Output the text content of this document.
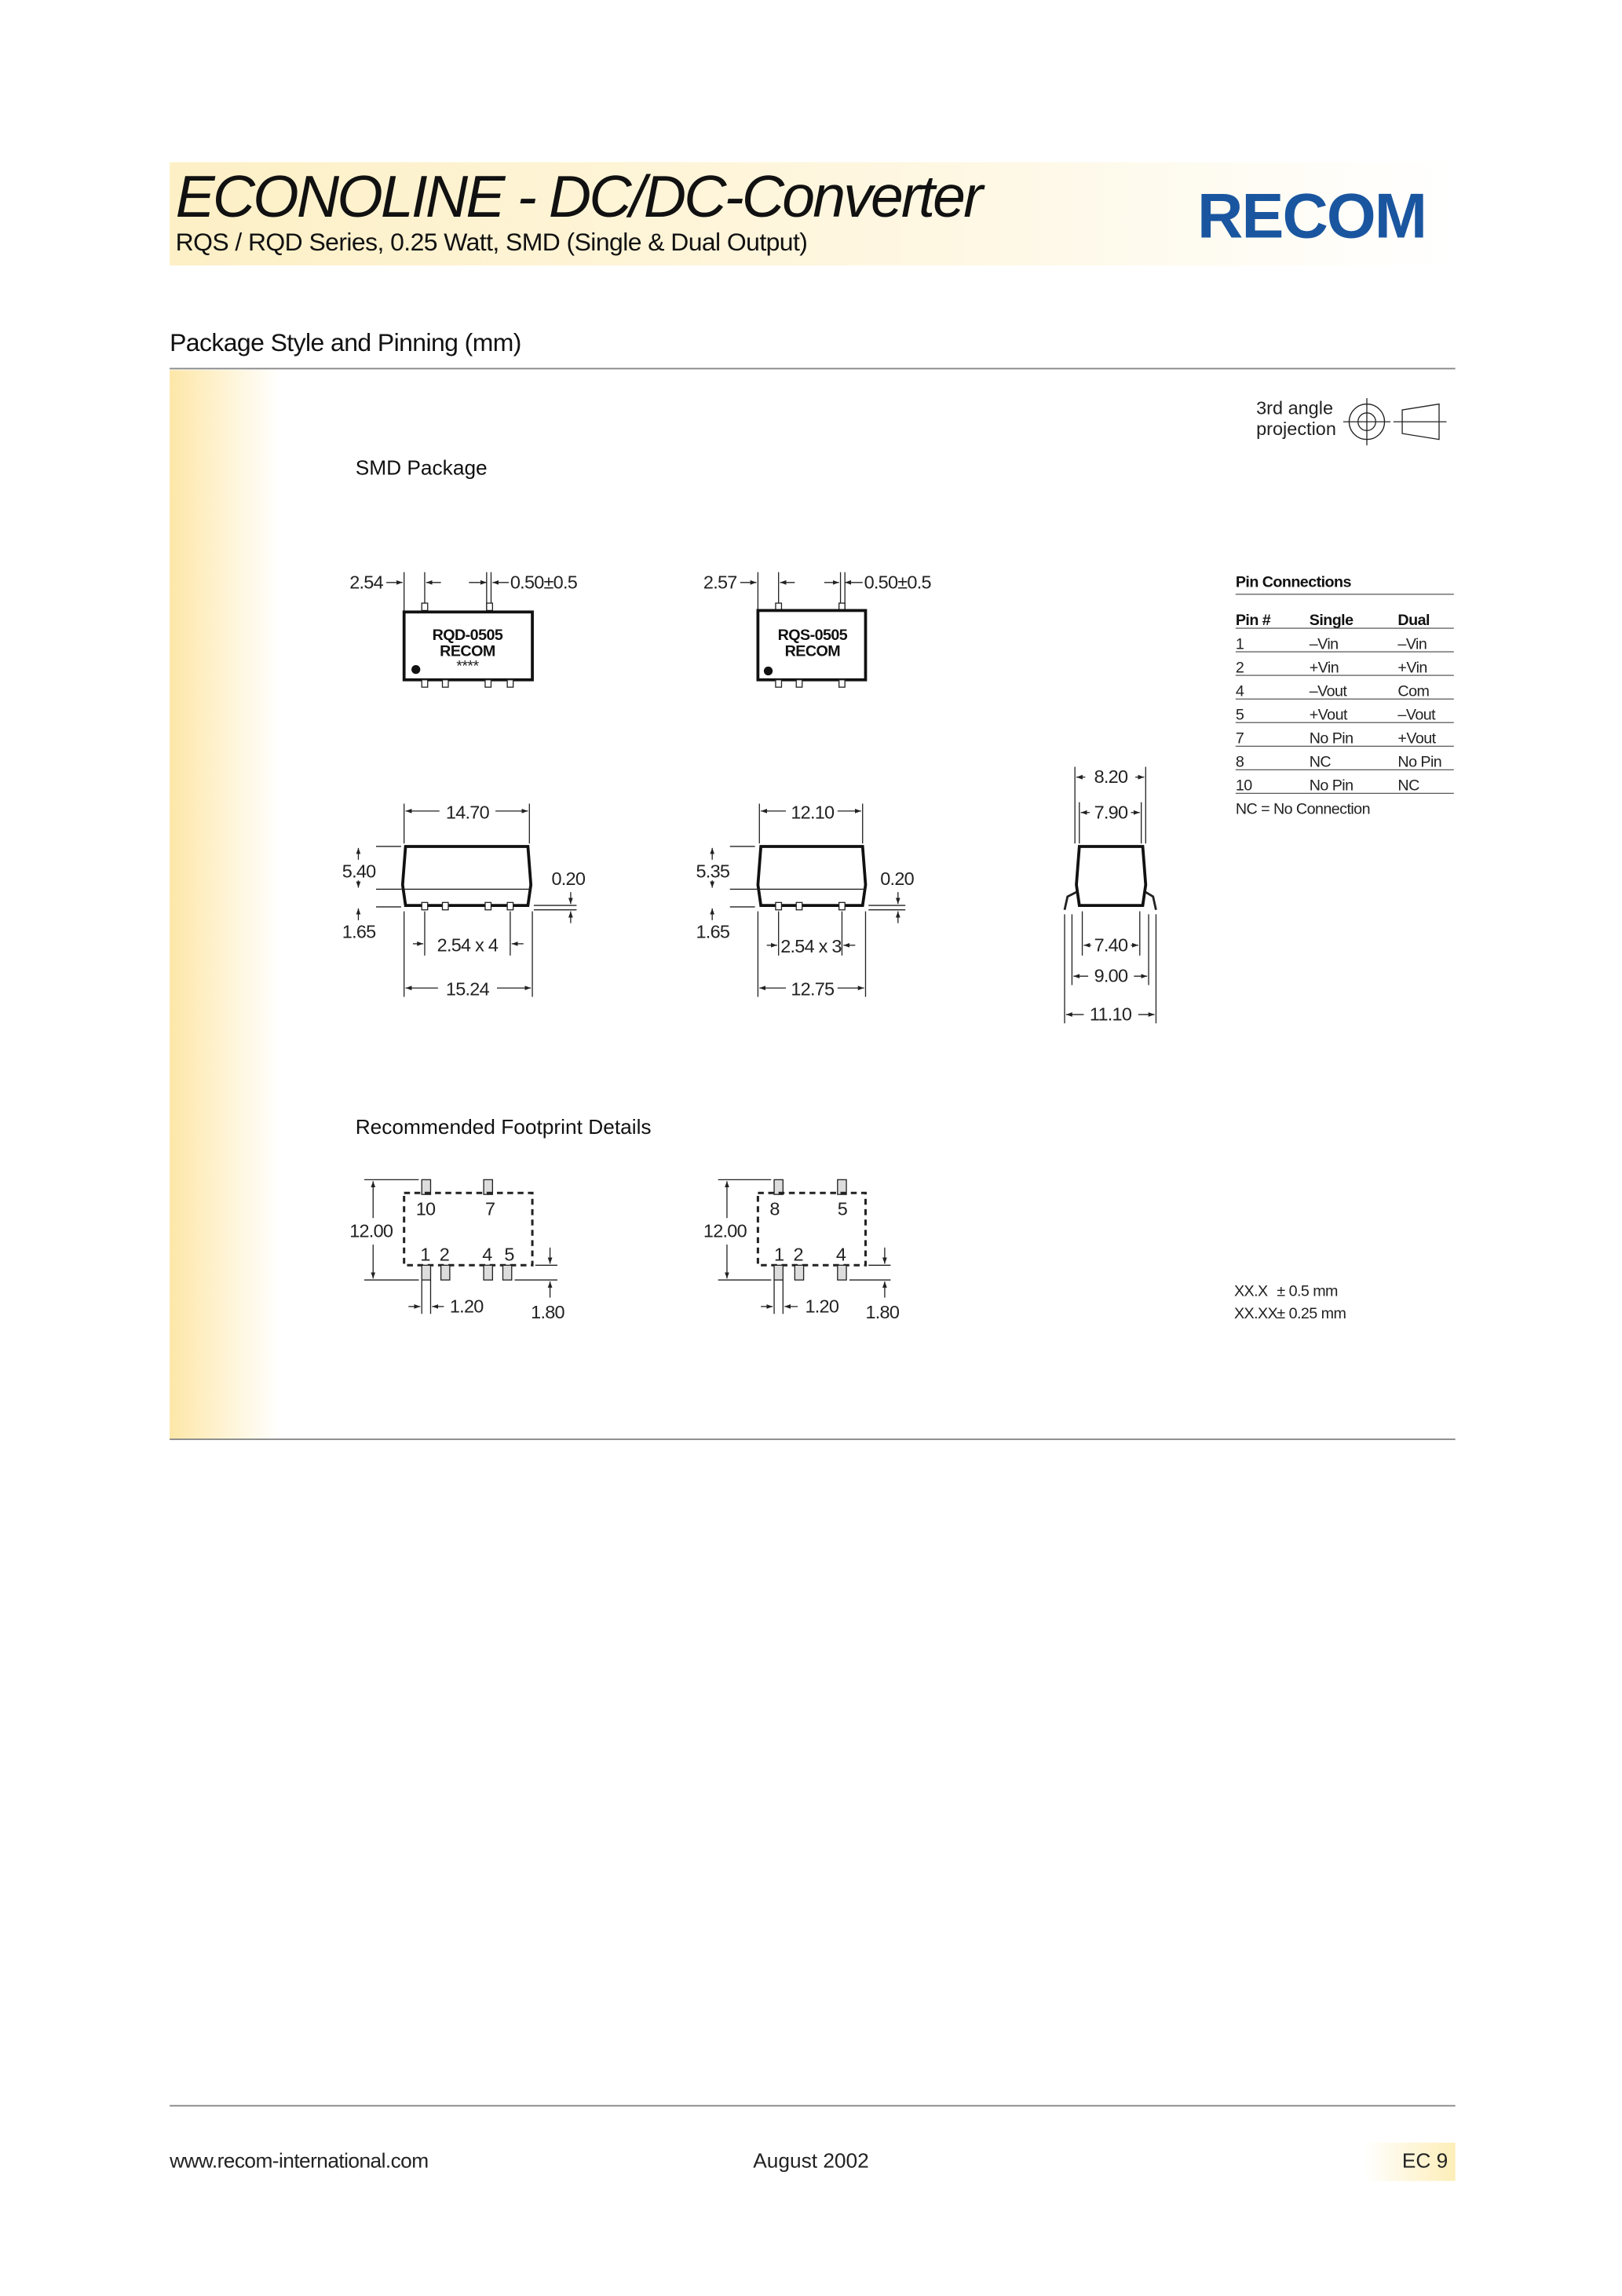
ECONOLINE - DC/DC-Converter
RQS / RQD Series, 0.25 Watt, SMD (Single & Dual Output)	RECOM
Package Style and Pinning (mm)
3rd angle
projection
SMD Package
2.54	0.50±0.5
RQD-0505
RECOM
****
2.57	0.50±0.5
RQS-0505
RECOM
14.70
5.40
1.65
0.20
2.54 x 4
15.24
12.10
5.35
1.65
0.20
2.54 x 3
12.75
8.20
7.90
7.40
9.00
11.10
Pin Connections
Pin #	Single	Dual
1	–Vin	–Vin
2	+Vin	+Vin
4	–Vout	Com
5	+Vout	–Vout
7	No Pin	+Vout
8	NC	No Pin
10	No Pin	NC
NC = No Connection
Recommended Footprint Details
10	7
1 2	4 5
12.00
1.20	1.80
8	5
1 2	4
12.00
1.20	1.80
XX.X ± 0.5 mm
XX.XX ± 0.25 mm
www.recom-international.com	August 2002	EC 9
